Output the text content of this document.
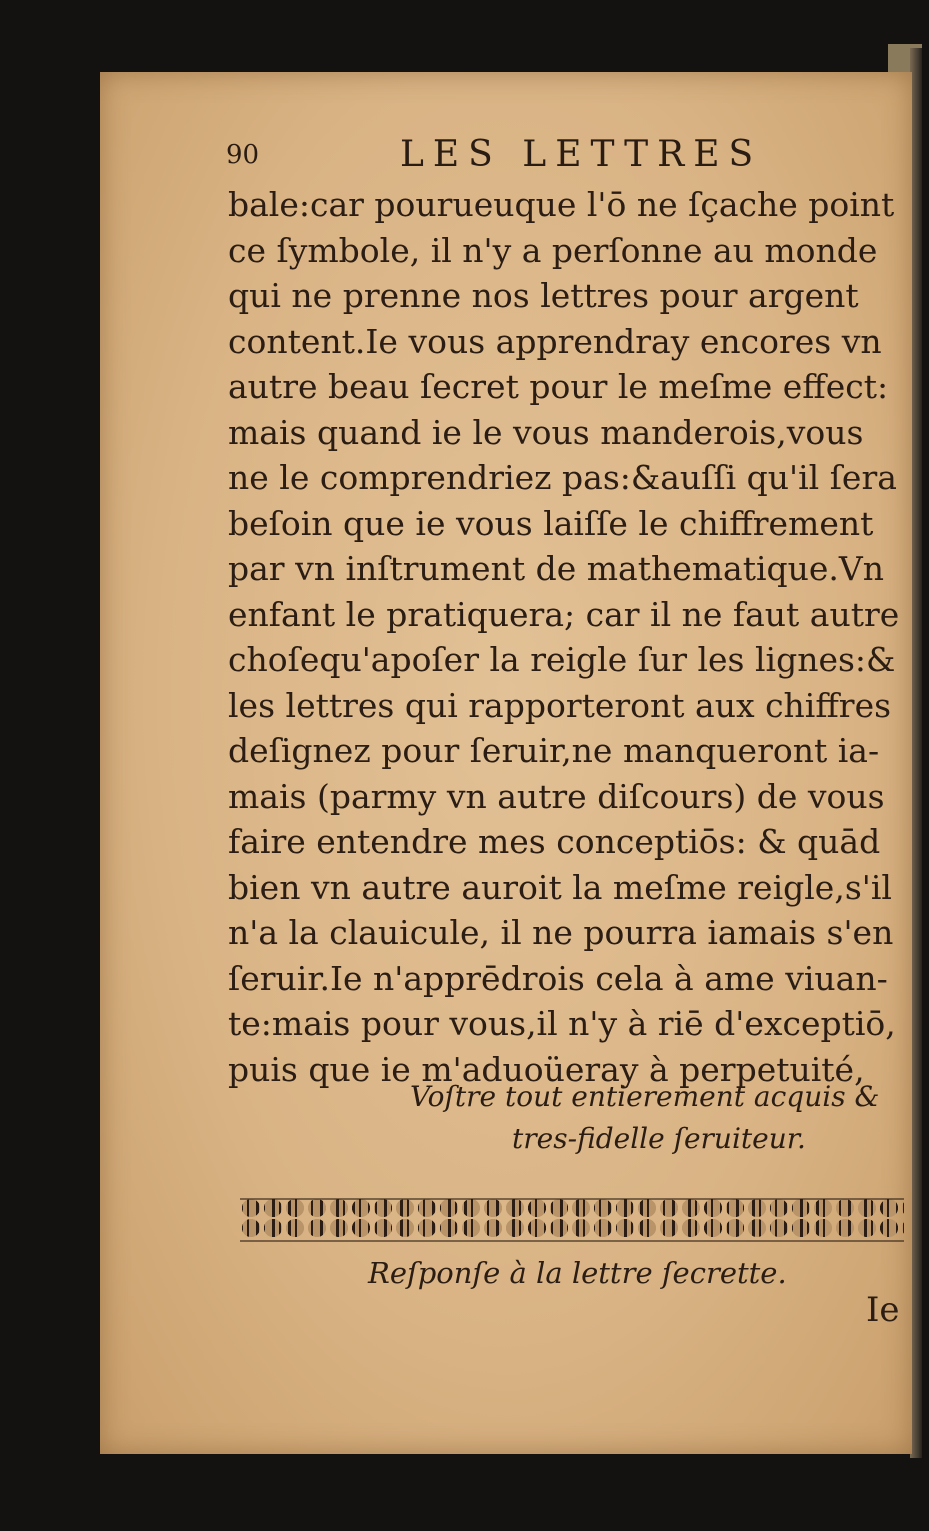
90	LES LETTRES
bale:car pourueuque l'ō ne ſçache point
ce ſymbole, il n'y a perſonne au monde
qui ne prenne nos lettres pour argent
content.Ie vous apprendray encores vn
autre beau ſecret pour le meſme effect:
mais quand ie le vous manderois,vous
ne le comprendriez pas:&auſſi qu'il ſera
beſoin que ie vous laiſſe le chiffrement
par vn inſtrument de mathematique.Vn
enfant le pratiquera; car il ne faut autre
choſequ'apoſer la reigle ſur les lignes:&
les lettres qui rapporteront aux chiffres
deſignez pour ſeruir,ne manqueront ia-
mais (parmy vn autre diſcours) de vous
faire entendre mes conceptiōs: & quād
bien vn autre auroit la meſme reigle,s'il
n'a la clauicule, il ne pourra iamais s'en
ſeruir.Ie n'apprēdrois cela à ame viuan-
te:mais pour vous,il n'y à riē d'exceptiō,
puis que ie m'aduoüeray à perpetuité,
Voſtre tout entierement acquis &
tres-fidelle ſeruiteur.
Reſponſe à la lettre ſecrette.
Ie
